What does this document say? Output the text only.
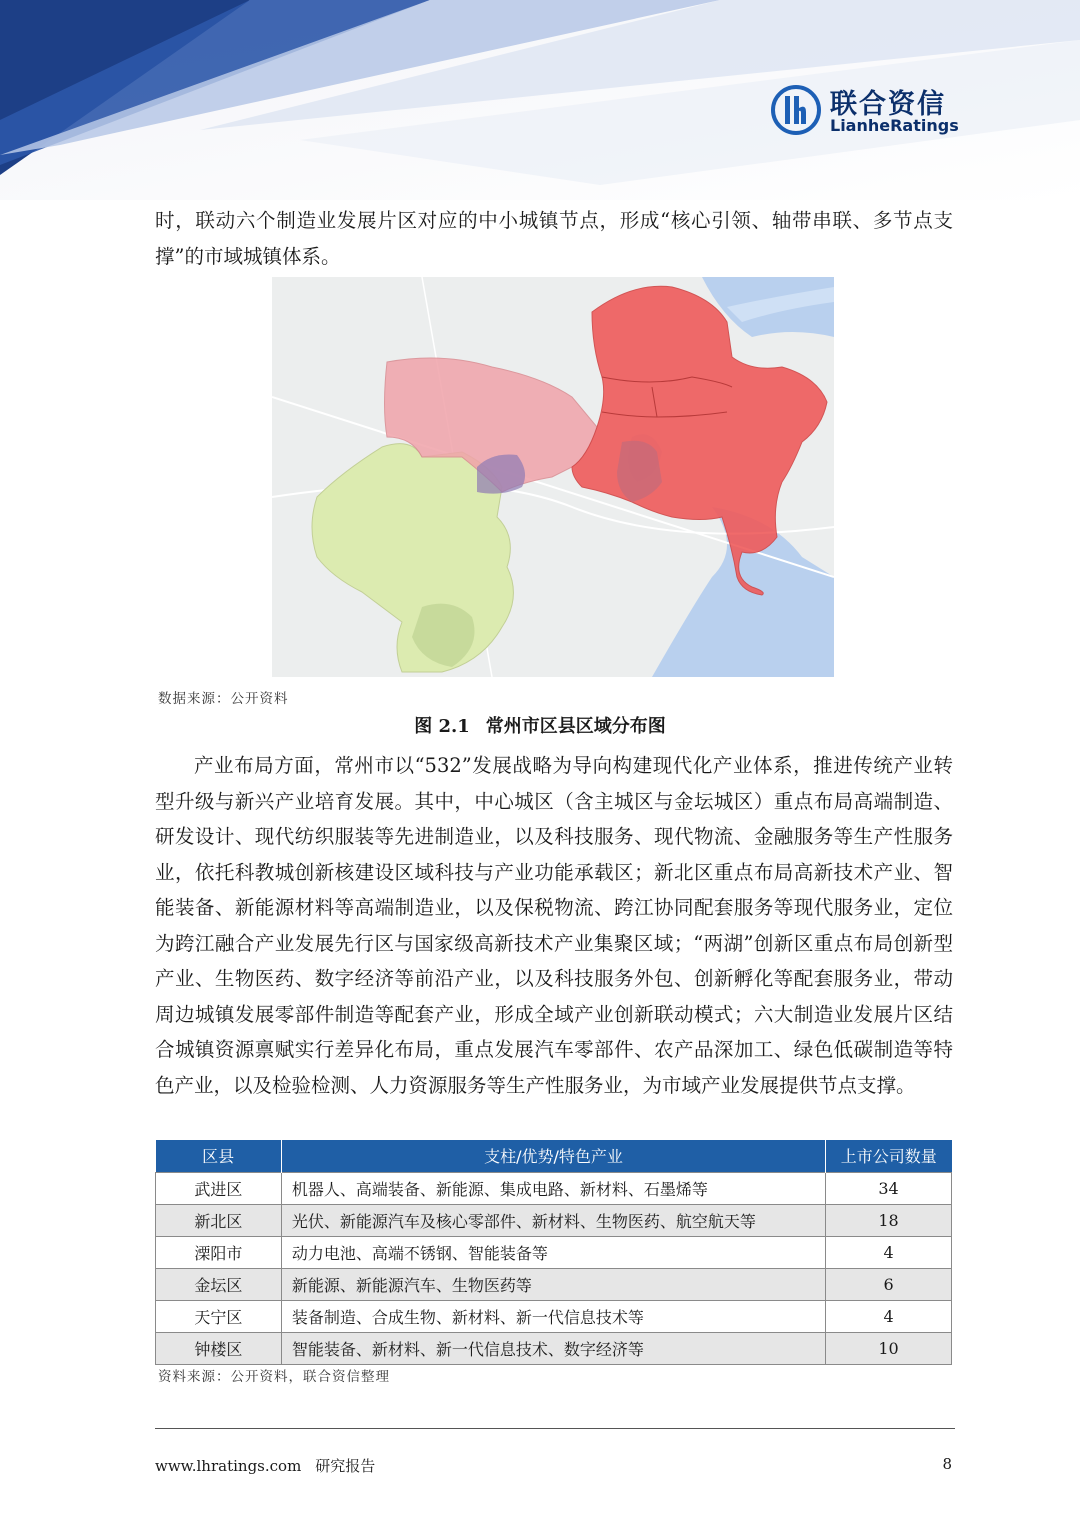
联合资信
LianheRatings

时，联动六个制造业发展片区对应的中小城镇节点，形成“核心引领、轴带串联、多节点支撑”的市域城镇体系。

数据来源：公开资料
图 2.1 常州市区县区域分布图

产业布局方面，常州市以“532”发展战略为导向构建现代化产业体系，推进传统产业转型升级与新兴产业培育发展。其中，中心城区（含主城区与金坛城区）重点布局高端制造、研发设计、现代纺织服装等先进制造业，以及科技服务、现代物流、金融服务等生产性服务业，依托科教城创新核建设区域科技与产业功能承载区；新北区重点布局高新技术产业、智能装备、新能源材料等高端制造业，以及保税物流、跨江协同配套服务等现代服务业，定位为跨江融合产业发展先行区与国家级高新技术产业集聚区域；“两湖”创新区重点布局创新型产业、生物医药、数字经济等前沿产业，以及科技服务外包、创新孵化等配套服务业，带动周边城镇发展零部件制造等配套产业，形成全域产业创新联动模式；六大制造业发展片区结合城镇资源禀赋实行差异化布局，重点发展汽车零部件、农产品深加工、绿色低碳制造等特色产业，以及检验检测、人力资源服务等生产性服务业，为市域产业发展提供节点支撑。

区县	支柱/优势/特色产业	上市公司数量
武进区	机器人、高端装备、新能源、集成电路、新材料、石墨烯等	34
新北区	光伏、新能源汽车及核心零部件、新材料、生物医药、航空航天等	18
溧阳市	动力电池、高端不锈钢、智能装备等	4
金坛区	新能源、新能源汽车、生物医药等	6
天宁区	装备制造、合成生物、新材料、新一代信息技术等	4
钟楼区	智能装备、新材料、新一代信息技术、数字经济等	10
资料来源：公开资料，联合资信整理
www.lhratings.com 研究报告	8
